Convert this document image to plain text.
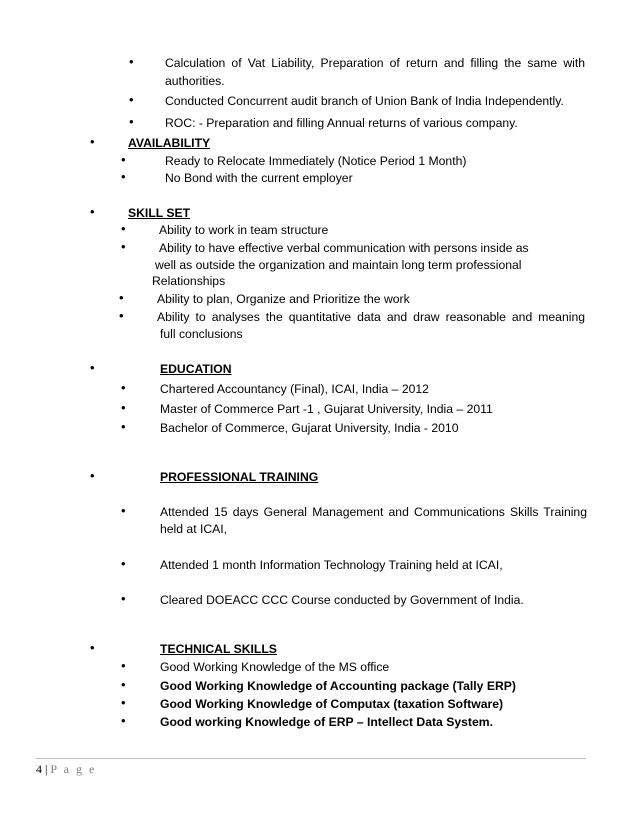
•	Calculation of Vat Liability, Preparation of return and filling the same with
authorities.
•	Conducted Concurrent audit branch of Union Bank of India Independently.
•	ROC: - Preparation and filling Annual returns of various company.
•	AVAILABILITY
•	Ready to Relocate Immediately (Notice Period 1 Month)
•	No Bond with the current employer
•	SKILL SET
•	Ability to work in team structure
•	Ability to have effective verbal communication with persons inside as
well as outside the organization and maintain long term professional
Relationships
•	Ability to plan, Organize and Prioritize the work
•	Ability to analyses the quantitative data and draw reasonable and meaning
full conclusions
•	EDUCATION
•	Chartered Accountancy (Final), ICAI, India – 2012
•	Master of Commerce Part -1 , Gujarat University, India – 2011
•	Bachelor of Commerce, Gujarat University, India - 2010
•	PROFESSIONAL TRAINING
•	Attended 15 days General Management and Communications Skills Training
held at ICAI,
•	Attended 1 month Information Technology Training held at ICAI,
•	Cleared DOEACC CCC Course conducted by Government of India.
•	TECHNICAL SKILLS
•	Good Working Knowledge of the MS office
•	Good Working Knowledge of Accounting package (Tally ERP)
•	Good Working Knowledge of Computax (taxation Software)
•	Good working Knowledge of ERP – Intellect Data System.
4 | P a g e
